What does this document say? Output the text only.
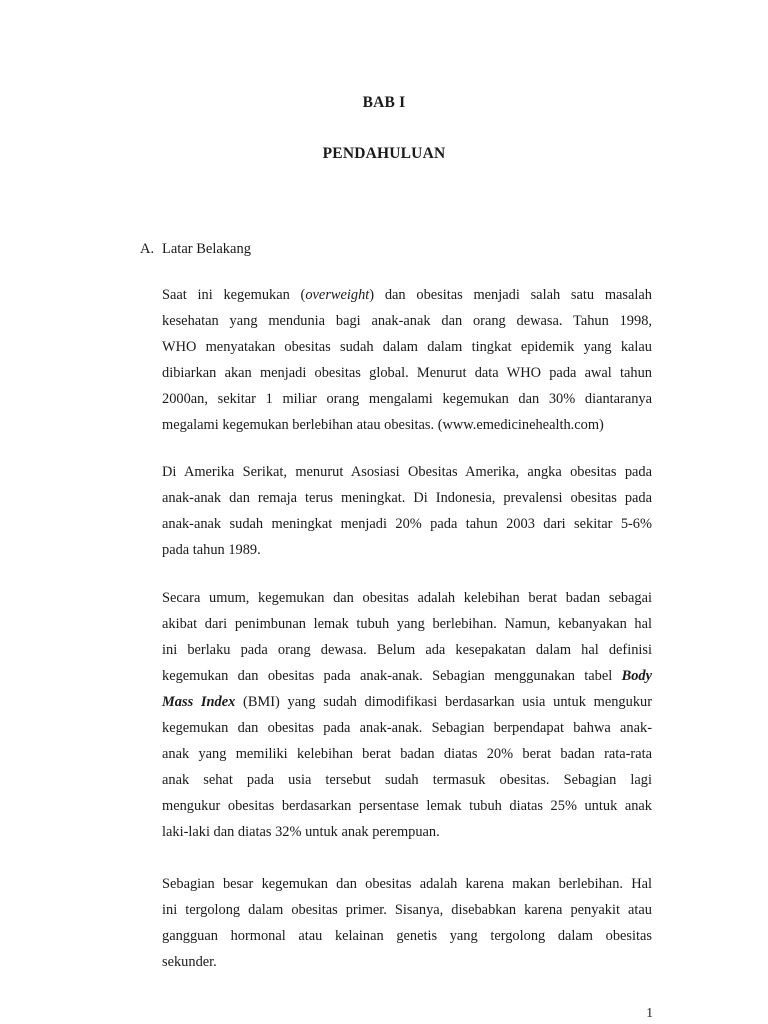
BAB I
PENDAHULUAN
A. Latar Belakang
Saat ini kegemukan (overweight) dan obesitas menjadi salah satu masalah
kesehatan yang mendunia bagi anak-anak dan orang dewasa. Tahun 1998,
WHO menyatakan obesitas sudah dalam dalam tingkat epidemik yang kalau
dibiarkan akan menjadi obesitas global. Menurut data WHO pada awal tahun
2000an, sekitar 1 miliar orang mengalami kegemukan dan 30% diantaranya
megalami kegemukan berlebihan atau obesitas. (www.emedicinehealth.com)
Di Amerika Serikat, menurut Asosiasi Obesitas Amerika, angka obesitas pada
anak-anak dan remaja terus meningkat. Di Indonesia, prevalensi obesitas pada
anak-anak sudah meningkat menjadi 20% pada tahun 2003 dari sekitar 5-6%
pada tahun 1989.
Secara umum, kegemukan dan obesitas adalah kelebihan berat badan sebagai
akibat dari penimbunan lemak tubuh yang berlebihan. Namun, kebanyakan hal
ini berlaku pada orang dewasa. Belum ada kesepakatan dalam hal definisi
kegemukan dan obesitas pada anak-anak. Sebagian menggunakan tabel Body
Mass Index (BMI) yang sudah dimodifikasi berdasarkan usia untuk mengukur
kegemukan dan obesitas pada anak-anak. Sebagian berpendapat bahwa anak-
anak yang memiliki kelebihan berat badan diatas 20% berat badan rata-rata
anak sehat pada usia tersebut sudah termasuk obesitas. Sebagian lagi
mengukur obesitas berdasarkan persentase lemak tubuh diatas 25% untuk anak
laki-laki dan diatas 32% untuk anak perempuan.
Sebagian besar kegemukan dan obesitas adalah karena makan berlebihan. Hal
ini tergolong dalam obesitas primer. Sisanya, disebabkan karena penyakit atau
gangguan hormonal atau kelainan genetis yang tergolong dalam obesitas
sekunder.
1
